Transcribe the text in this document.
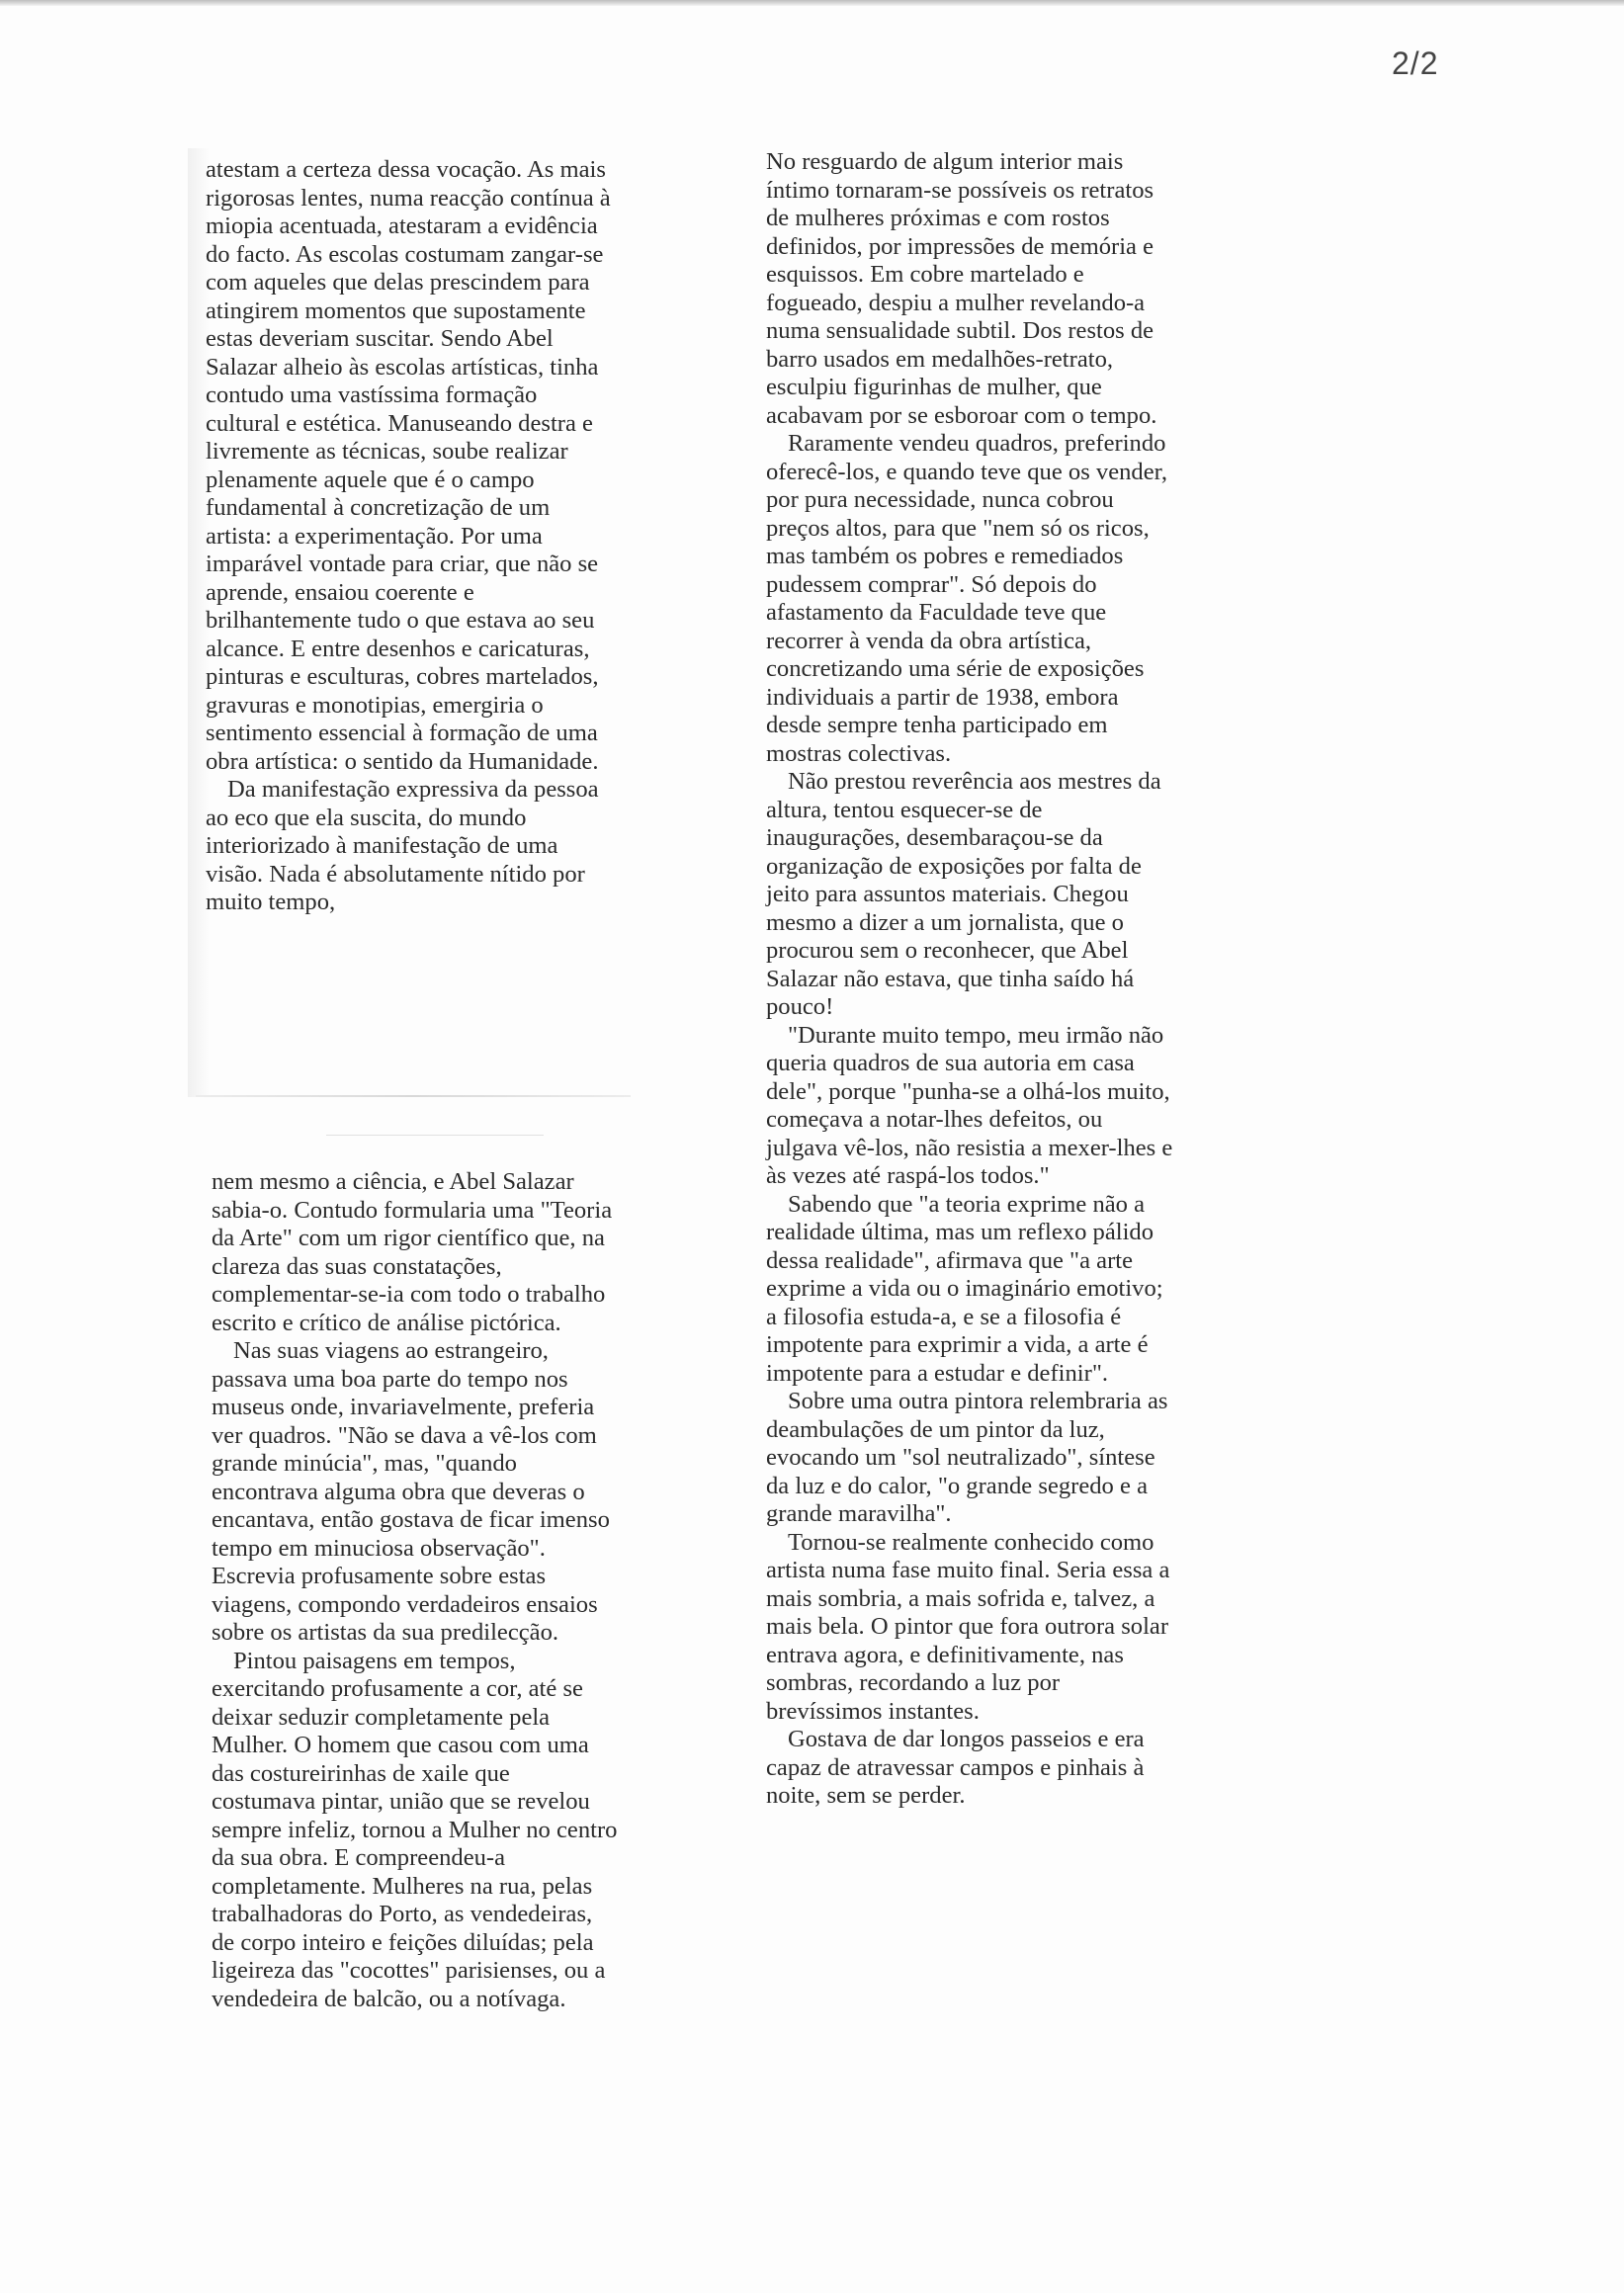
2/2

atestam a certeza dessa vocação. As mais rigorosas lentes, numa reacção contínua à miopia acentuada, atestaram a evidência do facto. As escolas costumam zangar-se com aqueles que delas prescindem para atingirem momentos que supostamente estas deveriam suscitar. Sendo Abel Salazar alheio às escolas artísticas, tinha contudo uma vastíssima formação cultural e estética. Manuseando destra e livremente as técnicas, soube realizar plenamente aquele que é o campo fundamental à concretização de um artista: a experimentação. Por uma imparável vontade para criar, que não se aprende, ensaiou coerente e brilhantemente tudo o que estava ao seu alcance. E entre desenhos e caricaturas, pinturas e esculturas, cobres martelados, gravuras e monotipias, emergiria o sentimento essencial à formação de uma obra artística: o sentido da Humanidade.

Da manifestação expressiva da pessoa ao eco que ela suscita, do mundo interiorizado à manifestação de uma visão. Nada é absolutamente nítido por muito tempo,

nem mesmo a ciência, e Abel Salazar sabia-o. Contudo formularia uma "Teoria da Arte" com um rigor científico que, na clareza das suas constatações, complementar-se-ia com todo o trabalho escrito e crítico de análise pictórica.

Nas suas viagens ao estrangeiro, passava uma boa parte do tempo nos museus onde, invariavelmente, preferia ver quadros. "Não se dava a vê-los com grande minúcia", mas, "quando encontrava alguma obra que deveras o encantava, então gostava de ficar imenso tempo em minuciosa observação". Escrevia profusamente sobre estas viagens, compondo verdadeiros ensaios sobre os artistas da sua predilecção.

Pintou paisagens em tempos, exercitando profusamente a cor, até se deixar seduzir completamente pela Mulher. O homem que casou com uma das costureirinhas de xaile que costumava pintar, união que se revelou sempre infeliz, tornou a Mulher no centro da sua obra. E compreendeu-a completamente. Mulheres na rua, pelas trabalhadoras do Porto, as vendedeiras, de corpo inteiro e feições diluídas; pela ligeireza das "cocottes" parisienses, ou a vendedeira de balcão, ou a notívaga.

No resguardo de algum interior mais íntimo tornaram-se possíveis os retratos de mulheres próximas e com rostos definidos, por impressões de memória e esquissos. Em cobre martelado e fogueado, despiu a mulher revelando-a numa sensualidade subtil. Dos restos de barro usados em medalhões-retrato, esculpiu figurinhas de mulher, que acabavam por se esboroar com o tempo.

Raramente vendeu quadros, preferindo oferecê-los, e quando teve que os vender, por pura necessidade, nunca cobrou preços altos, para que "nem só os ricos, mas também os pobres e remediados pudessem comprar". Só depois do afastamento da Faculdade teve que recorrer à venda da obra artística, concretizando uma série de exposições individuais a partir de 1938, embora desde sempre tenha participado em mostras colectivas.

Não prestou reverência aos mestres da altura, tentou esquecer-se de inaugurações, desembaraçou-se da organização de exposições por falta de jeito para assuntos materiais. Chegou mesmo a dizer a um jornalista, que o procurou sem o reconhecer, que Abel Salazar não estava, que tinha saído há pouco!

"Durante muito tempo, meu irmão não queria quadros de sua autoria em casa dele", porque "punha-se a olhá-los muito, começava a notar-lhes defeitos, ou julgava vê-los, não resistia a mexer-lhes e às vezes até raspá-los todos."

Sabendo que "a teoria exprime não a realidade última, mas um reflexo pálido dessa realidade", afirmava que "a arte exprime a vida ou o imaginário emotivo; a filosofia estuda-a, e se a filosofia é impotente para exprimir a vida, a arte é impotente para a estudar e definir".

Sobre uma outra pintora relembraria as deambulações de um pintor da luz, evocando um "sol neutralizado", síntese da luz e do calor, "o grande segredo e a grande maravilha".

Tornou-se realmente conhecido como artista numa fase muito final. Seria essa a mais sombria, a mais sofrida e, talvez, a mais bela. O pintor que fora outrora solar entrava agora, e definitivamente, nas sombras, recordando a luz por brevíssimos instantes.

Gostava de dar longos passeios e era capaz de atravessar campos e pinhais à noite, sem se perder.
